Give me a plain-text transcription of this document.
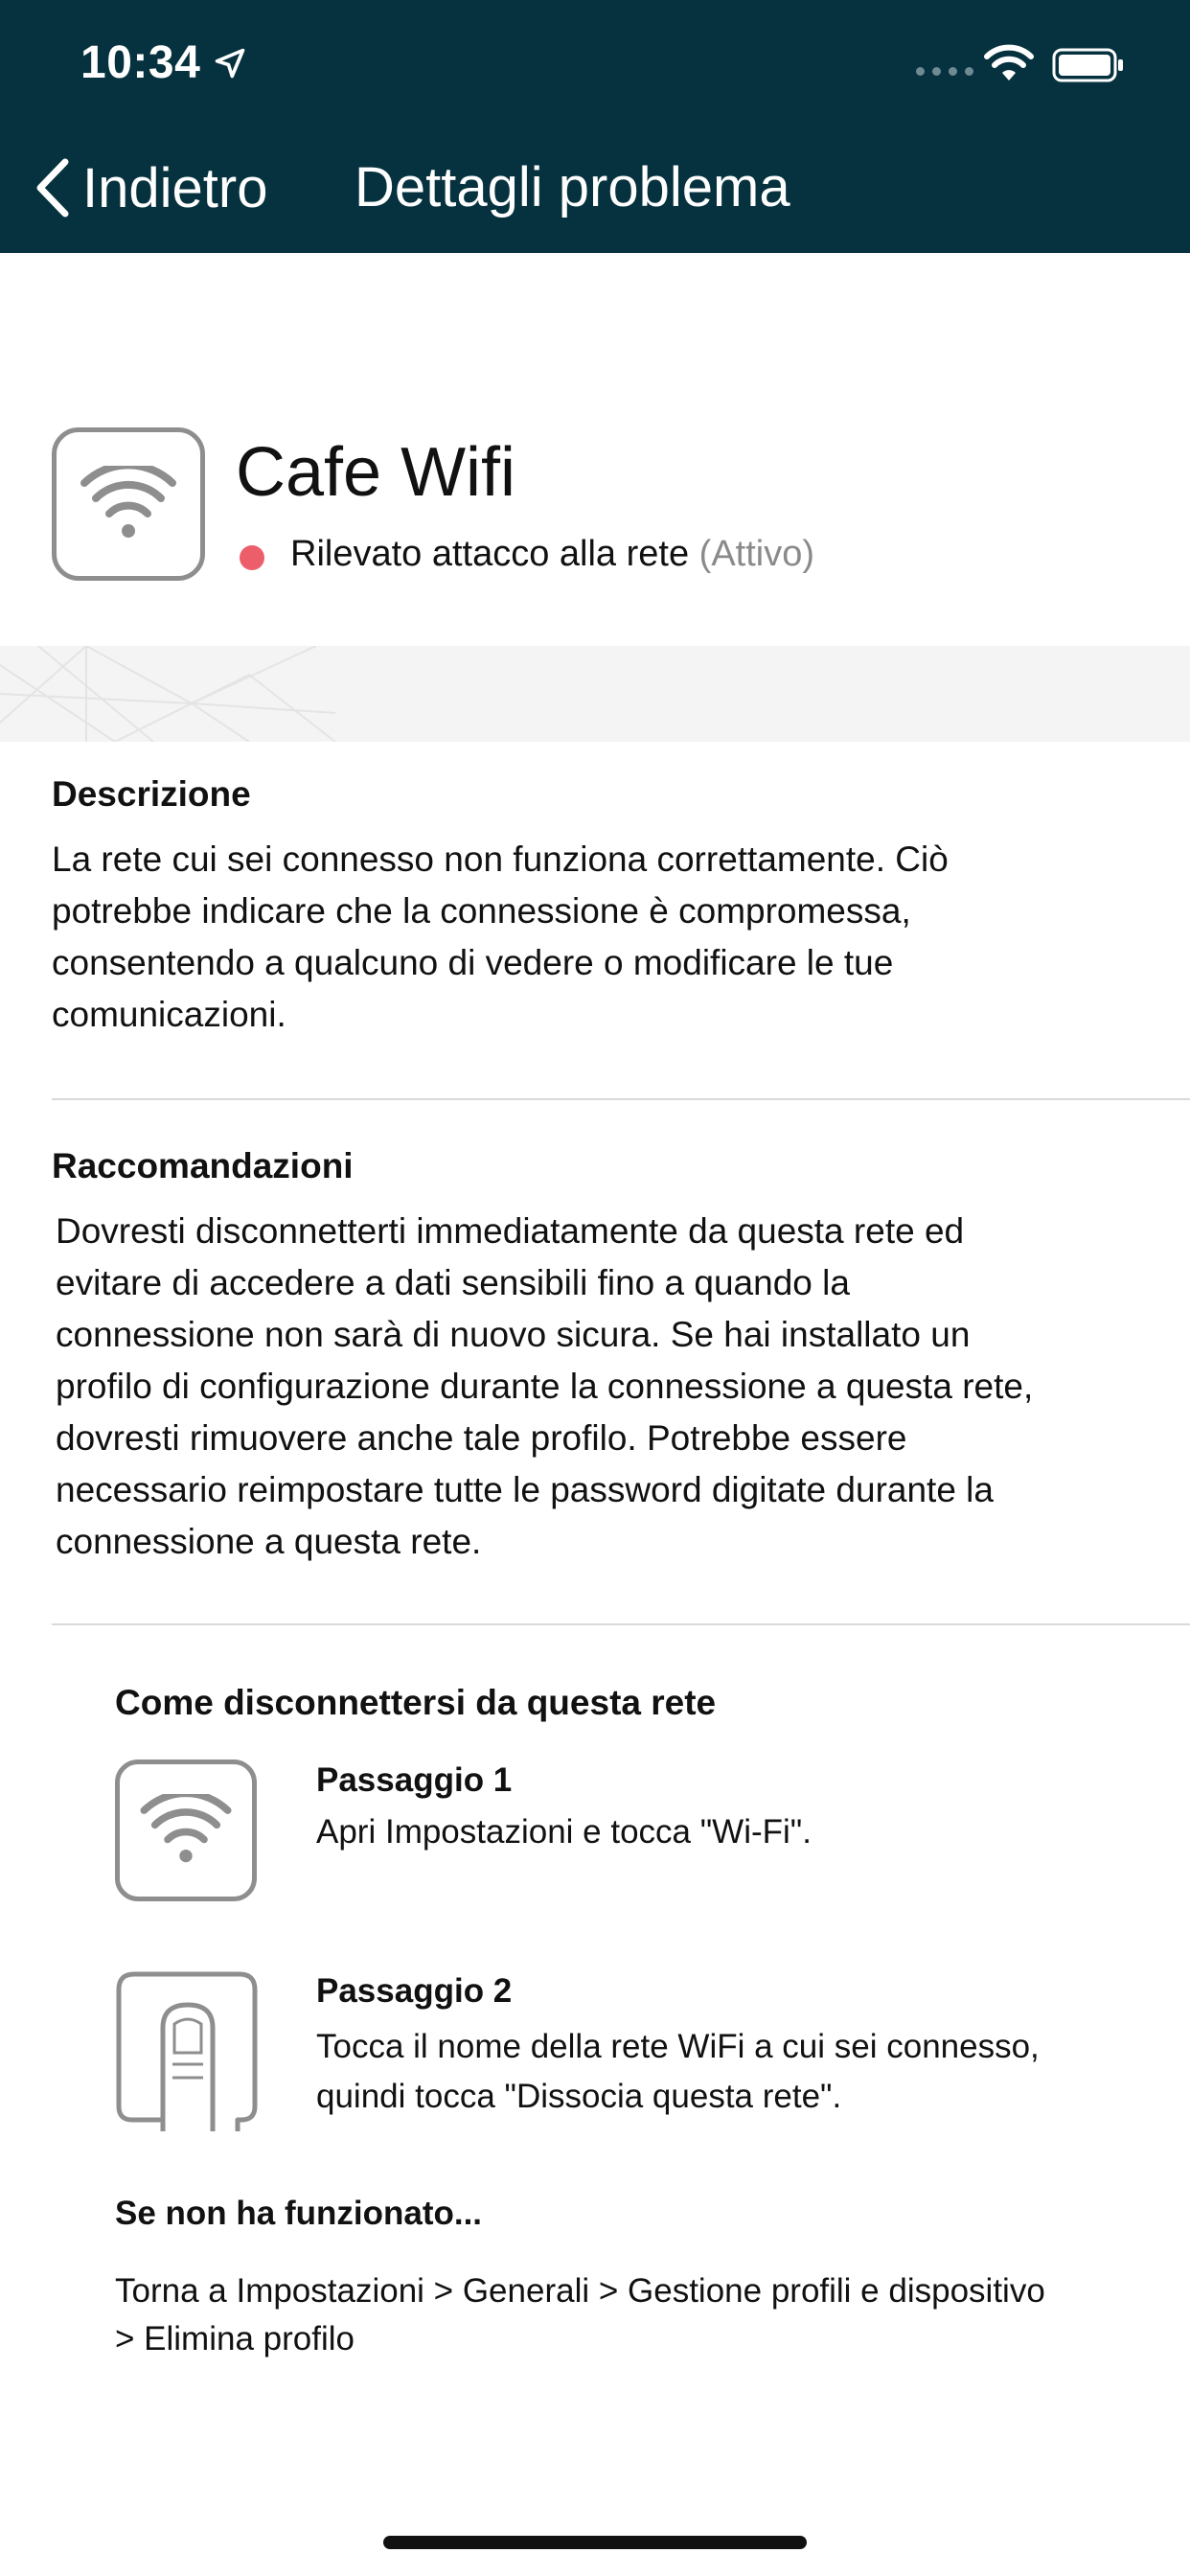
10:34
Indietro Dettagli problema
Cafe Wifi
Rilevato attacco alla rete (Attivo)
Descrizione
La rete cui sei connesso non funziona correttamente. Ciò
potrebbe indicare che la connessione è compromessa,
consentendo a qualcuno di vedere o modificare le tue
comunicazioni.
Raccomandazioni
Dovresti disconnetterti immediatamente da questa rete ed
evitare di accedere a dati sensibili fino a quando la
connessione non sarà di nuovo sicura. Se hai installato un
profilo di configurazione durante la connessione a questa rete,
dovresti rimuovere anche tale profilo. Potrebbe essere
necessario reimpostare tutte le password digitate durante la
connessione a questa rete.
Come disconnettersi da questa rete
Passaggio 1
Apri Impostazioni e tocca "Wi-Fi".
Passaggio 2
Tocca il nome della rete WiFi a cui sei connesso,
quindi tocca "Dissocia questa rete".
Se non ha funzionato...
Torna a Impostazioni > Generali > Gestione profili e dispositivo
> Elimina profilo
